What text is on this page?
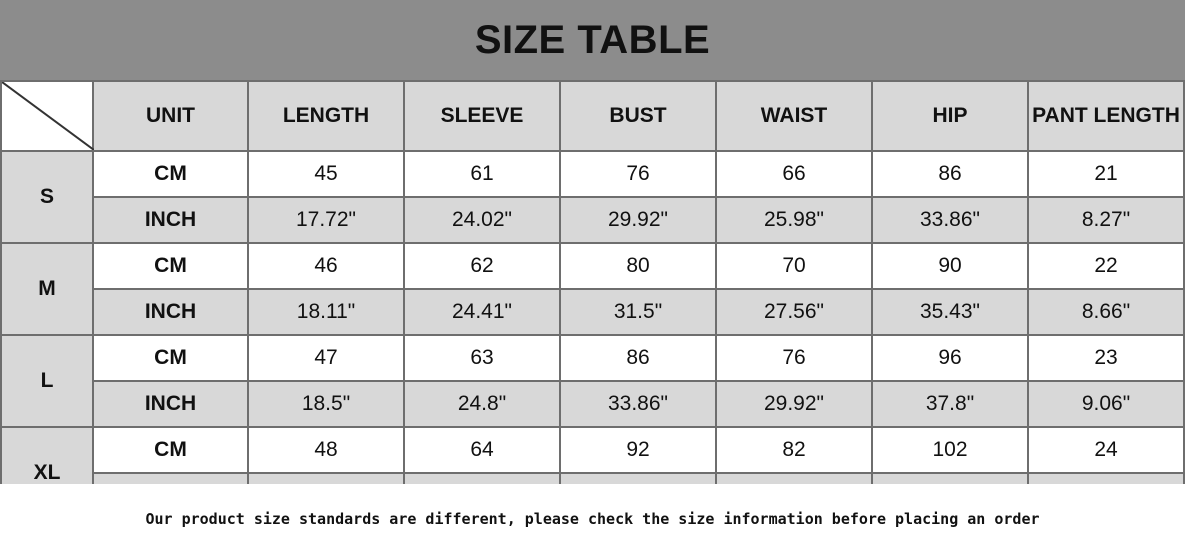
SIZE TABLE
	UNIT	LENGTH	SLEEVE	BUST	WAIST	HIP	PANT LENGTH
S	CM	45	61	76	66	86	21
	INCH	17.72"	24.02"	29.92"	25.98"	33.86"	8.27"
M	CM	46	62	80	70	90	22
	INCH	18.11"	24.41"	31.5"	27.56"	35.43"	8.66"
L	CM	47	63	86	76	96	23
	INCH	18.5"	24.8"	33.86"	29.92"	37.8"	9.06"
XL	CM	48	64	92	82	102	24

Our product size standards are different, please check the size information before placing an order
